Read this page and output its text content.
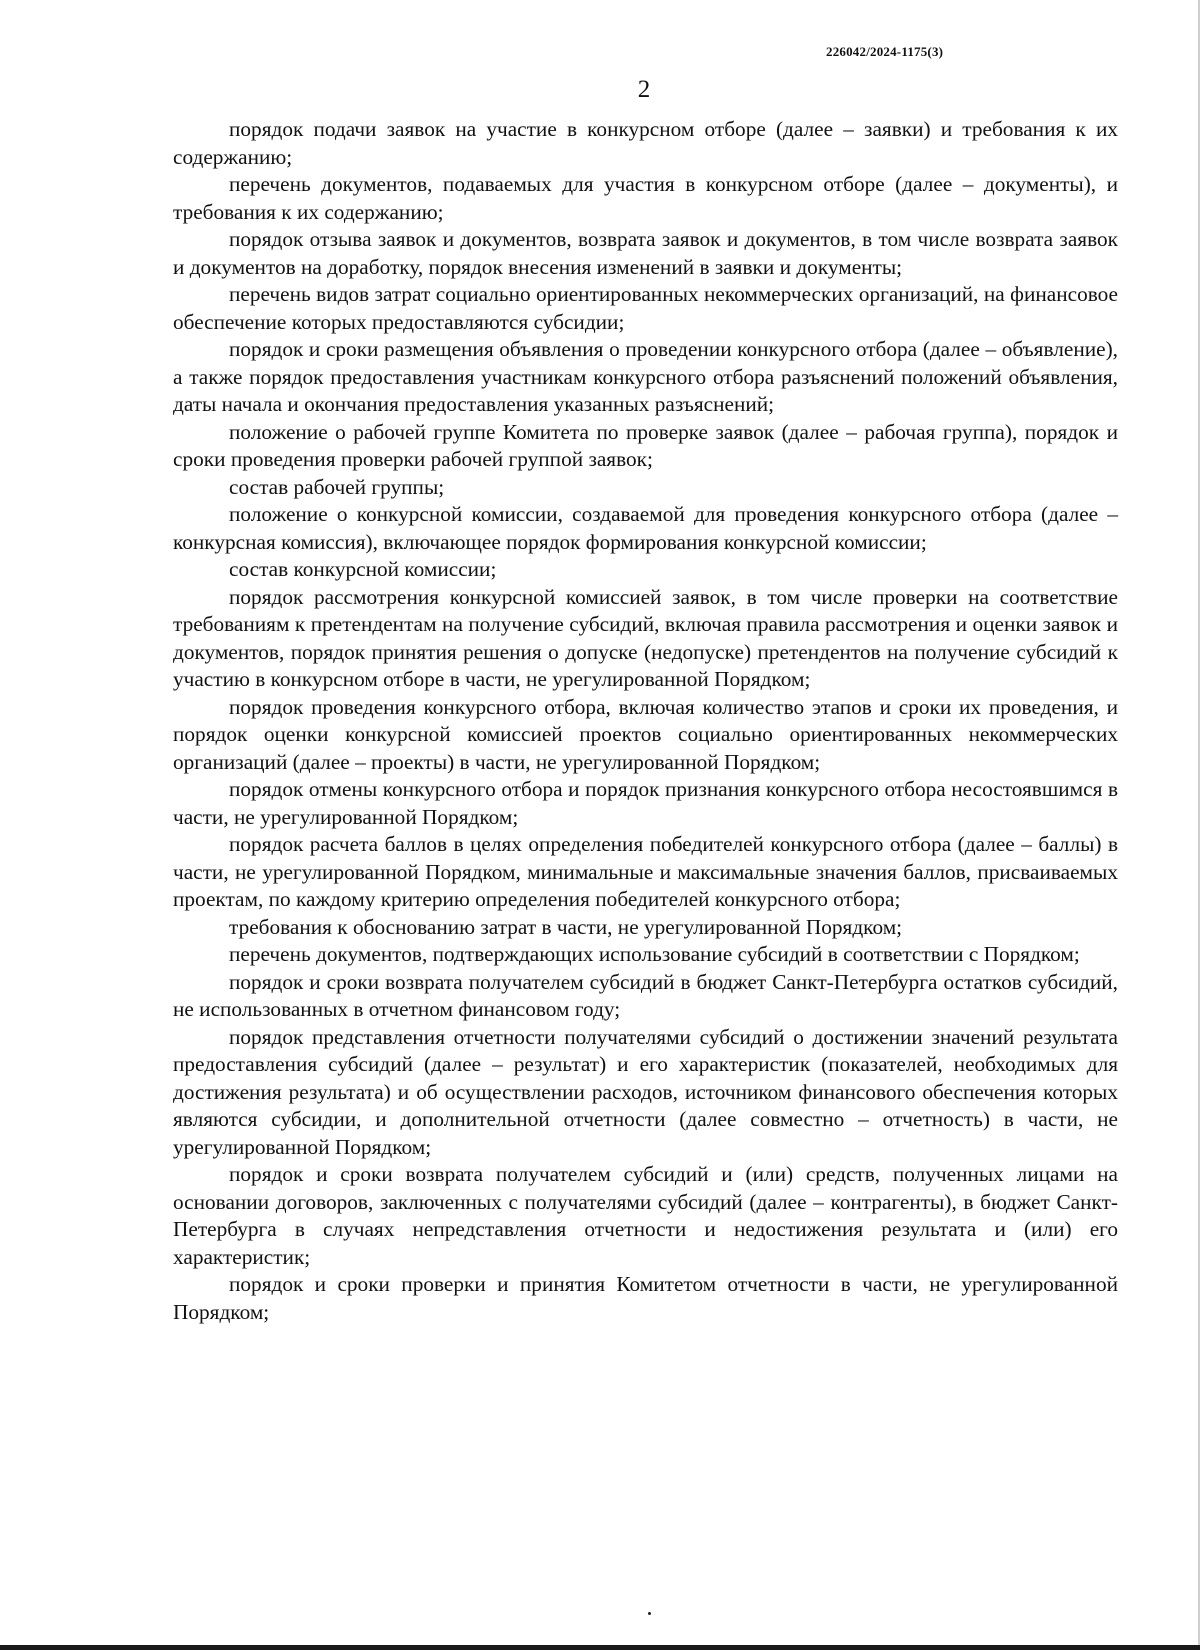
226042/2024-1175(3)
2

порядок подачи заявок на участие в конкурсном отборе (далее – заявки) и требования к их содержанию;

перечень документов, подаваемых для участия в конкурсном отборе (далее – документы), и требования к их содержанию;

порядок отзыва заявок и документов, возврата заявок и документов, в том числе возврата заявок и документов на доработку, порядок внесения изменений в заявки и документы;

перечень видов затрат социально ориентированных некоммерческих организаций, на финансовое обеспечение которых предоставляются субсидии;

порядок и сроки размещения объявления о проведении конкурсного отбора (далее – объявление), а также порядок предоставления участникам конкурсного отбора разъяснений положений объявления, даты начала и окончания предоставления указанных разъяснений;

положение о рабочей группе Комитета по проверке заявок (далее – рабочая группа), порядок и сроки проведения проверки рабочей группой заявок;

состав рабочей группы;

положение о конкурсной комиссии, создаваемой для проведения конкурсного отбора (далее – конкурсная комиссия), включающее порядок формирования конкурсной комиссии;

состав конкурсной комиссии;

порядок рассмотрения конкурсной комиссией заявок, в том числе проверки на соответствие требованиям к претендентам на получение субсидий, включая правила рассмотрения и оценки заявок и документов, порядок принятия решения о допуске (недопуске) претендентов на получение субсидий к участию в конкурсном отборе в части, не урегулированной Порядком;

порядок проведения конкурсного отбора, включая количество этапов и сроки их проведения, и порядок оценки конкурсной комиссией проектов социально ориентированных некоммерческих организаций (далее – проекты) в части, не урегулированной Порядком;

порядок отмены конкурсного отбора и порядок признания конкурсного отбора несостоявшимся в части, не урегулированной Порядком;

порядок расчета баллов в целях определения победителей конкурсного отбора (далее – баллы) в части, не урегулированной Порядком, минимальные и максимальные значения баллов, присваиваемых проектам, по каждому критерию определения победителей конкурсного отбора;

требования к обоснованию затрат в части, не урегулированной Порядком;

перечень документов, подтверждающих использование субсидий в соответствии с Порядком;

порядок и сроки возврата получателем субсидий в бюджет Санкт-Петербурга остатков субсидий, не использованных в отчетном финансовом году;

порядок представления отчетности получателями субсидий о достижении значений результата предоставления субсидий (далее – результат) и его характеристик (показателей, необходимых для достижения результата) и об осуществлении расходов, источником финансового обеспечения которых являются субсидии, и дополнительной отчетности (далее совместно – отчетность) в части, не урегулированной Порядком;

порядок и сроки возврата получателем субсидий и (или) средств, полученных лицами на основании договоров, заключенных с получателями субсидий (далее – контрагенты), в бюджет Санкт-Петербурга в случаях непредставления отчетности и недостижения результата и (или) его характеристик;

порядок и сроки проверки и принятия Комитетом отчетности в части, не урегулированной Порядком;
